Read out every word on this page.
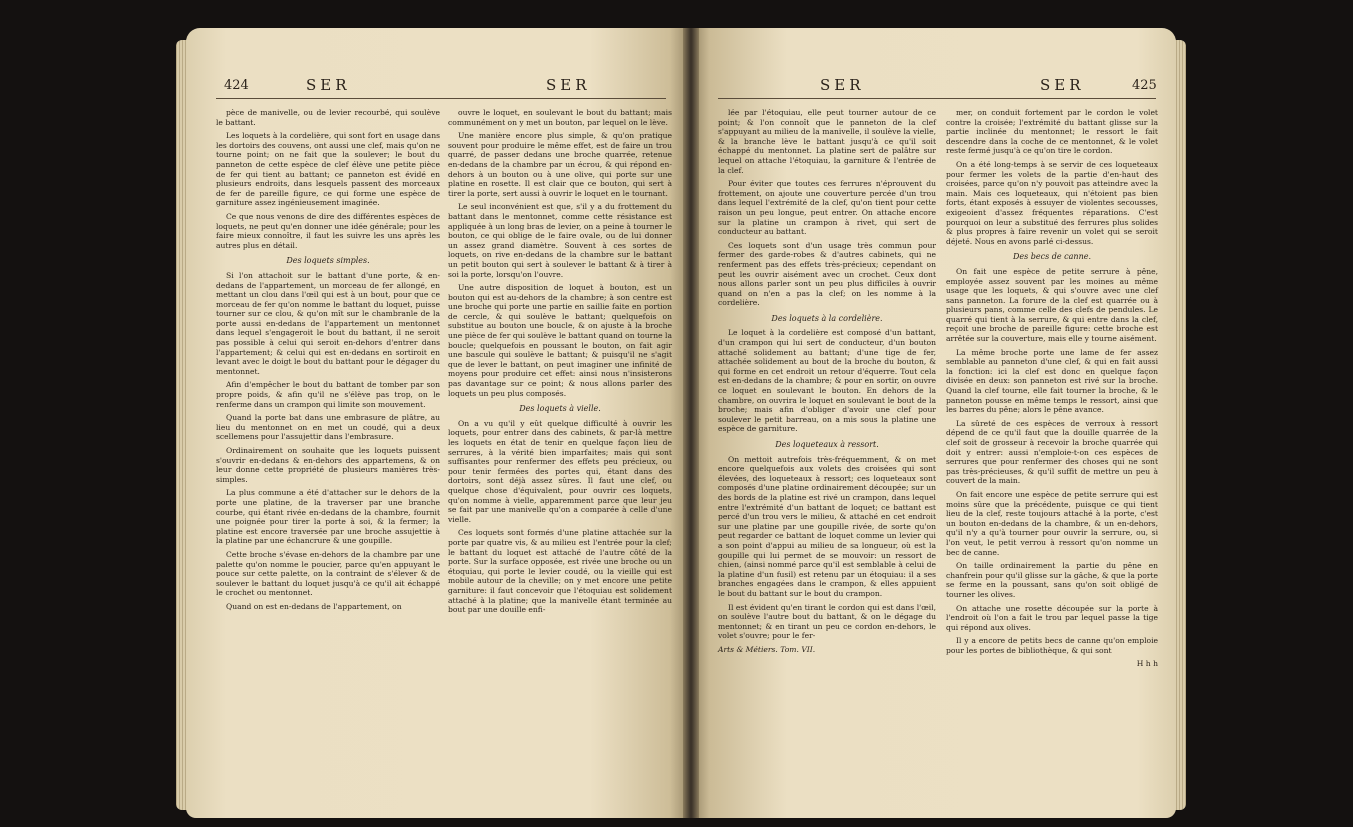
424	SER	SER

pèce de manivelle, ou de levier recourbé, qui soulève le battant.

Les loquets à la cordelière, qui sont fort en usage dans les dortoirs des couvens, ont aussi une clef, mais qu'on ne tourne point; on ne fait que la soulever; le bout du panneton de cette espèce de clef élève une petite pièce de fer qui tient au battant; ce panneton est évidé en plusieurs endroits, dans lesquels passent des morceaux de fer de pareille figure, ce qui forme une espèce de garniture assez ingénieusement imaginée.

Ce que nous venons de dire des différentes espèces de loquets, ne peut qu'en donner une idée générale; pour les faire mieux connoître, il faut les suivre les uns après les autres plus en détail.

Des loquets simples.

Si l'on attachoit sur le battant d'une porte, & en-dedans de l'appartement, un morceau de fer allongé, en mettant un clou dans l'œil qui est à un bout, pour que ce morceau de fer qu'on nomme le battant du loquet, puisse tourner sur ce clou, & qu'on mît sur le chambranle de la porte aussi en-dedans de l'appartement un mentonnet dans lequel s'engageroit le bout du battant, il ne seroit pas possible à celui qui seroit en-dehors d'entrer dans l'appartement; & celui qui est en-dedans en sortiroit en levant avec le doigt le bout du battant pour le dégager du mentonnet.

Afin d'empêcher le bout du battant de tomber par son propre poids, & afin qu'il ne s'élève pas trop, on le renferme dans un crampon qui limite son mouvement.

Quand la porte bat dans une embrasure de plâtre, au lieu du mentonnet on en met un coudé, qui a deux scellemens pour l'assujettir dans l'embrasure.

Ordinairement on souhaite que les loquets puissent s'ouvrir en-dedans & en-dehors des appartemens, & on leur donne cette propriété de plusieurs manières très-simples.

La plus commune a été d'attacher sur le dehors de la porte une platine, de la traverser par une branche courbe, qui étant rivée en-dedans de la chambre, fournit une poignée pour tirer la porte à soi, & la fermer; la platine est encore traversée par une broche assujettie à la platine par une échancrure & une goupille.

Cette broche s'évase en-dehors de la chambre par une palette qu'on nomme le poucier, parce qu'en appuyant le pouce sur cette palette, on la contraint de s'élever & de soulever le battant du loquet jusqu'à ce qu'il ait échappé le crochet ou mentonnet.

Quand on est en-dedans de l'appartement, on

ouvre le loquet, en soulevant le bout du battant; mais communément on y met un bouton, par lequel on le lève.

Une manière encore plus simple, & qu'on pratique souvent pour produire le même effet, est de faire un trou quarré, de passer dedans une broche quarrée, retenue en-dedans de la chambre par un écrou, & qui répond en-dehors à un bouton ou à une olive, qui porte sur une platine en rosette. Il est clair que ce bouton, qui sert à tirer la porte, sert aussi à ouvrir le loquet en le tournant.

Le seul inconvénient est que, s'il y a du frottement du battant dans le mentonnet, comme cette résistance est appliquée à un long bras de levier, on a peine à tourner le bouton, ce qui oblige de le faire ovale, ou de lui donner un assez grand diamètre. Souvent à ces sortes de loquets, on rive en-dedans de la chambre sur le battant un petit bouton qui sert à soulever le battant & à tirer à soi la porte, lorsqu'on l'ouvre.

Une autre disposition de loquet à bouton, est un bouton qui est au-dehors de la chambre; à son centre est une broche qui porte une partie en saillie faite en portion de cercle, & qui soulève le battant; quelquefois on substitue au bouton une boucle, & on ajuste à la broche une pièce de fer qui soulève le battant quand on tourne la boucle; quelquefois en poussant le bouton, on fait agir une bascule qui soulève le battant; & puisqu'il ne s'agit que de lever le battant, on peut imaginer une infinité de moyens pour produire cet effet: ainsi nous n'insisterons pas davantage sur ce point; & nous allons parler des loquets un peu plus composés.

Des loquets à vielle.

On a vu qu'il y eût quelque difficulté à ouvrir les loquets, pour entrer dans des cabinets, & par-là mettre les loquets en état de tenir en quelque façon lieu de serrures, à la vérité bien imparfaites; mais qui sont suffisantes pour renfermer des effets peu précieux, ou pour tenir fermées des portes qui, étant dans des dortoirs, sont déjà assez sûres. Il faut une clef, ou quelque chose d'équivalent, pour ouvrir ces loquets, qu'on nomme à vielle, apparemment parce que leur jeu se fait par une manivelle qu'on a comparée à celle d'une vielle.

Ces loquets sont formés d'une platine attachée sur la porte par quatre vis, & au milieu est l'entrée pour la clef; le battant du loquet est attaché de l'autre côté de la porte. Sur la surface opposée, est rivée une broche ou un étoquiau, qui porte le levier coudé, ou la vieille qui est mobile autour de la cheville; on y met encore une petite garniture: il faut concevoir que l'étoquiau est solidement attaché à la platine; que la manivelle étant terminée au bout par une douille enfi-

SER	SER	425

lée par l'étoquiau, elle peut tourner autour de ce point; & l'on connoît que le panneton de la clef s'appuyant au milieu de la manivelle, il soulève la vielle, & la branche lève le battant jusqu'à ce qu'il soit échappé du mentonnet. La platine sert de palâtre sur lequel on attache l'étoquiau, la garniture & l'entrée de la clef.

Pour éviter que toutes ces ferrures n'éprouvent du frottement, on ajoute une couverture percée d'un trou dans lequel l'extrémité de la clef, qu'on tient pour cette raison un peu longue, peut entrer. On attache encore sur la platine un crampon à rivet, qui sert de conducteur au battant.

Ces loquets sont d'un usage très commun pour fermer des garde-robes & d'autres cabinets, qui ne renferment pas des effets très-précieux; cependant on peut les ouvrir aisément avec un crochet. Ceux dont nous allons parler sont un peu plus difficiles à ouvrir quand on n'en a pas la clef; on les nomme à la cordelière.

Des loquets à la cordelière.

Le loquet à la cordelière est composé d'un battant, d'un crampon qui lui sert de conducteur, d'un bouton attaché solidement au battant; d'une tige de fer, attachée solidement au bout de la broche du bouton, & qui forme en cet endroit un retour d'équerre. Tout cela est en-dedans de la chambre; & pour en sortir, on ouvre ce loquet en soulevant le bouton. En dehors de la chambre, on ouvrira le loquet en soulevant le bout de la broche; mais afin d'obliger d'avoir une clef pour soulever le petit barreau, on a mis sous la platine une espèce de garniture.

Des loqueteaux à ressort.

On mettoit autrefois très-fréquemment, & on met encore quelquefois aux volets des croisées qui sont élevées, des loqueteaux à ressort; ces loqueteaux sont composés d'une platine ordinairement découpée; sur un des bords de la platine est rivé un crampon, dans lequel entre l'extrémité d'un battant de loquet; ce battant est percé d'un trou vers le milieu, & attaché en cet endroit sur une platine par une goupille rivée, de sorte qu'on peut regarder ce battant de loquet comme un levier qui a son point d'appui au milieu de sa longueur, où est la goupille qui lui permet de se mouvoir: un ressort de chien, (ainsi nommé parce qu'il est semblable à celui de la platine d'un fusil) est retenu par un étoquiau: il a ses branches engagées dans le crampon, & elles appuient le bout du battant sur le bout du crampon.

Il est évident qu'en tirant le cordon qui est dans l'œil, on soulève l'autre bout du battant, & on le dégage du mentonnet; & en tirant un peu ce cordon en-dehors, le volet s'ouvre; pour le fer-

Arts & Métiers. Tom. VII.

mer, on conduit fortement par le cordon le volet contre la croisée; l'extrémité du battant glisse sur la partie inclinée du mentonnet; le ressort le fait descendre dans la coche de ce mentonnet, & le volet reste fermé jusqu'à ce qu'on tire le cordon.

On a été long-temps à se servir de ces loqueteaux pour fermer les volets de la partie d'en-haut des croisées, parce qu'on n'y pouvoit pas atteindre avec la main. Mais ces loqueteaux, qui n'étoient pas bien forts, étant exposés à essuyer de violentes secousses, exigeoient d'assez fréquentes réparations. C'est pourquoi on leur a substitué des ferrures plus solides & plus propres à faire revenir un volet qui se seroit déjeté. Nous en avons parlé ci-dessus.

Des becs de canne.

On fait une espèce de petite serrure à pêne, employée assez souvent par les moines au même usage que les loquets, & qui s'ouvre avec une clef sans panneton. La forure de la clef est quarrée ou à plusieurs pans, comme celle des clefs de pendules. Le quarré qui tient à la serrure, & qui entre dans la clef, reçoit une broche de pareille figure: cette broche est arrêtée sur la couverture, mais elle y tourne aisément.

La même broche porte une lame de fer assez semblable au panneton d'une clef, & qui en fait aussi la fonction: ici la clef est donc en quelque façon divisée en deux: son panneton est rivé sur la broche. Quand la clef tourne, elle fait tourner la broche, & le panneton pousse en même temps le ressort, ainsi que les barres du pêne; alors le pêne avance.

La sûreté de ces espèces de verroux à ressort dépend de ce qu'il faut que la douille quarrée de la clef soit de grosseur à recevoir la broche quarrée qui doit y entrer: aussi n'emploie-t-on ces espèces de serrures que pour renfermer des choses qui ne sont pas très-précieuses, & qu'il suffit de mettre un peu à couvert de la main.

On fait encore une espèce de petite serrure qui est moins sûre que la précédente, puisque ce qui tient lieu de la clef, reste toujours attaché à la porte, c'est un bouton en-dedans de la chambre, & un en-dehors, qu'il n'y a qu'à tourner pour ouvrir la serrure, ou, si l'on veut, le petit verrou à ressort qu'on nomme un bec de canne.

On taille ordinairement la partie du pêne en chanfrein pour qu'il glisse sur la gâche, & que la porte se ferme en la poussant, sans qu'on soit obligé de tourner les olives.

On attache une rosette découpée sur la porte à l'endroit où l'on a fait le trou par lequel passe la tige qui répond aux olives.

Il y a encore de petits becs de canne qu'on emploie pour les portes de bibliothèque, & qui sont

H h h
